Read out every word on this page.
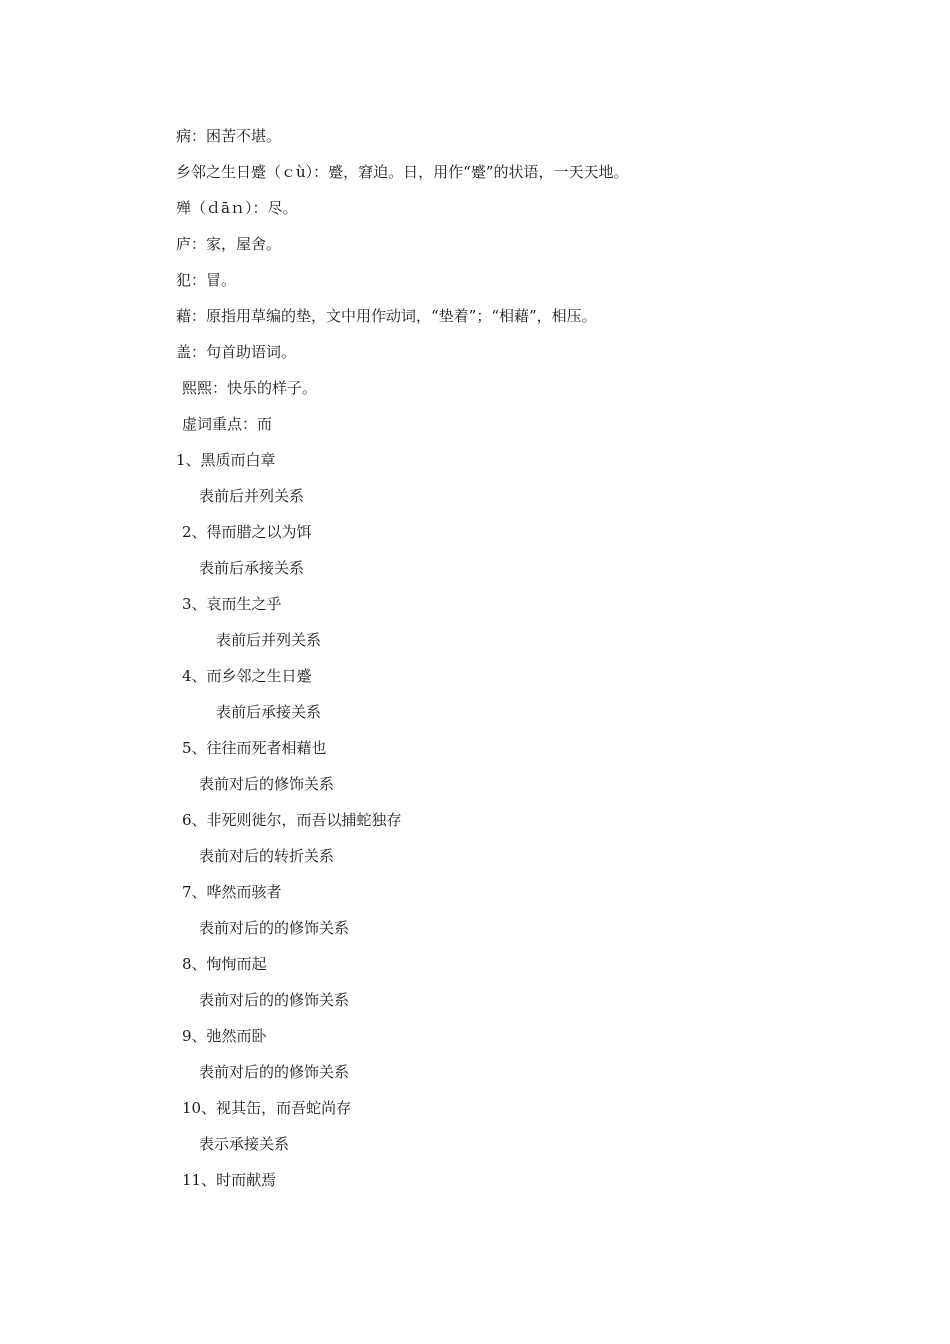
病：困苦不堪。
乡邻之生日蹙（ｃù）：蹙，窘迫。日，用作“蹙”的状语，一天天地。
殚（ｄāｎ）：尽。
庐：家，屋舍。
犯：冒。
藉：原指用草编的垫，文中用作动词，“垫着”；“相藉”，相压。
盖：句首助语词。
熙熙：快乐的样子。
虚词重点：而
1、黑质而白章
表前后并列关系
2、得而腊之以为饵
表前后承接关系
3、哀而生之乎
表前后并列关系
4、而乡邻之生日蹙
表前后承接关系
5、往往而死者相藉也
表前对后的修饰关系
6、非死则徙尔，而吾以捕蛇独存
表前对后的转折关系
7、哗然而骇者
表前对后的的修饰关系
8、恂恂而起
表前对后的的修饰关系
9、弛然而卧
表前对后的的修饰关系
10、视其缶，而吾蛇尚存
表示承接关系
11、时而献焉
